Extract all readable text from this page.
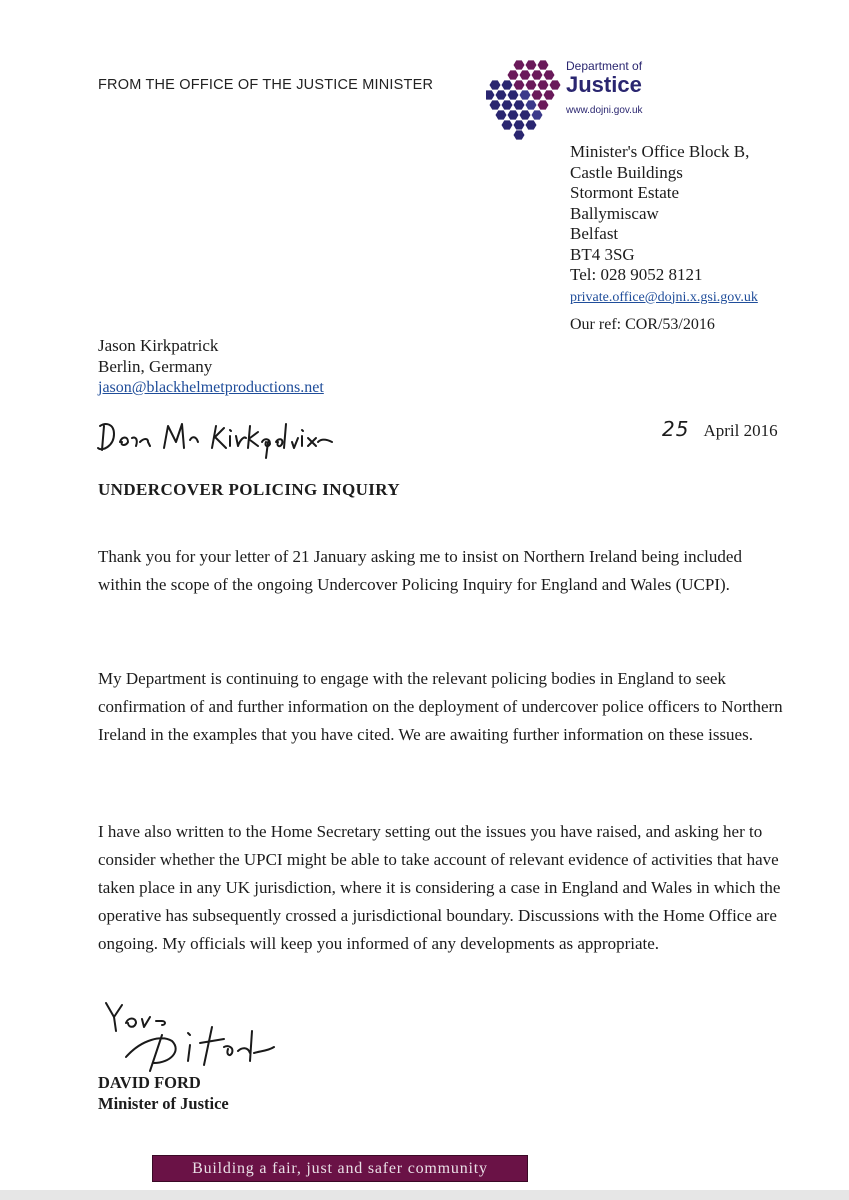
FROM THE OFFICE OF THE JUSTICE MINISTER
Department of
Justice
www.dojni.gov.uk
Minister's Office Block B,
Castle Buildings
Stormont Estate
Ballymiscaw
Belfast
BT4 3SG
Tel: 028 9052 8121
private.office@dojni.x.gsi.gov.uk
Our ref: COR/53/2016
Jason Kirkpatrick
Berlin, Germany
jason@blackhelmetproductions.net
25 April 2016
UNDERCOVER POLICING INQUIRY

Thank you for your letter of 21 January asking me to insist on Northern Ireland being included within the scope of the ongoing Undercover Policing Inquiry for England and Wales (UCPI).

My Department is continuing to engage with the relevant policing bodies in England to seek confirmation of and further information on the deployment of undercover police officers to Northern Ireland in the examples that you have cited. We are awaiting further information on these issues.

I have also written to the Home Secretary setting out the issues you have raised, and asking her to consider whether the UPCI might be able to take account of relevant evidence of activities that have taken place in any UK jurisdiction, where it is considering a case in England and Wales in which the operative has subsequently crossed a jurisdictional boundary. Discussions with the Home Office are ongoing. My officials will keep you informed of any developments as appropriate.

DAVID FORD
Minister of Justice
Building a fair, just and safer community
